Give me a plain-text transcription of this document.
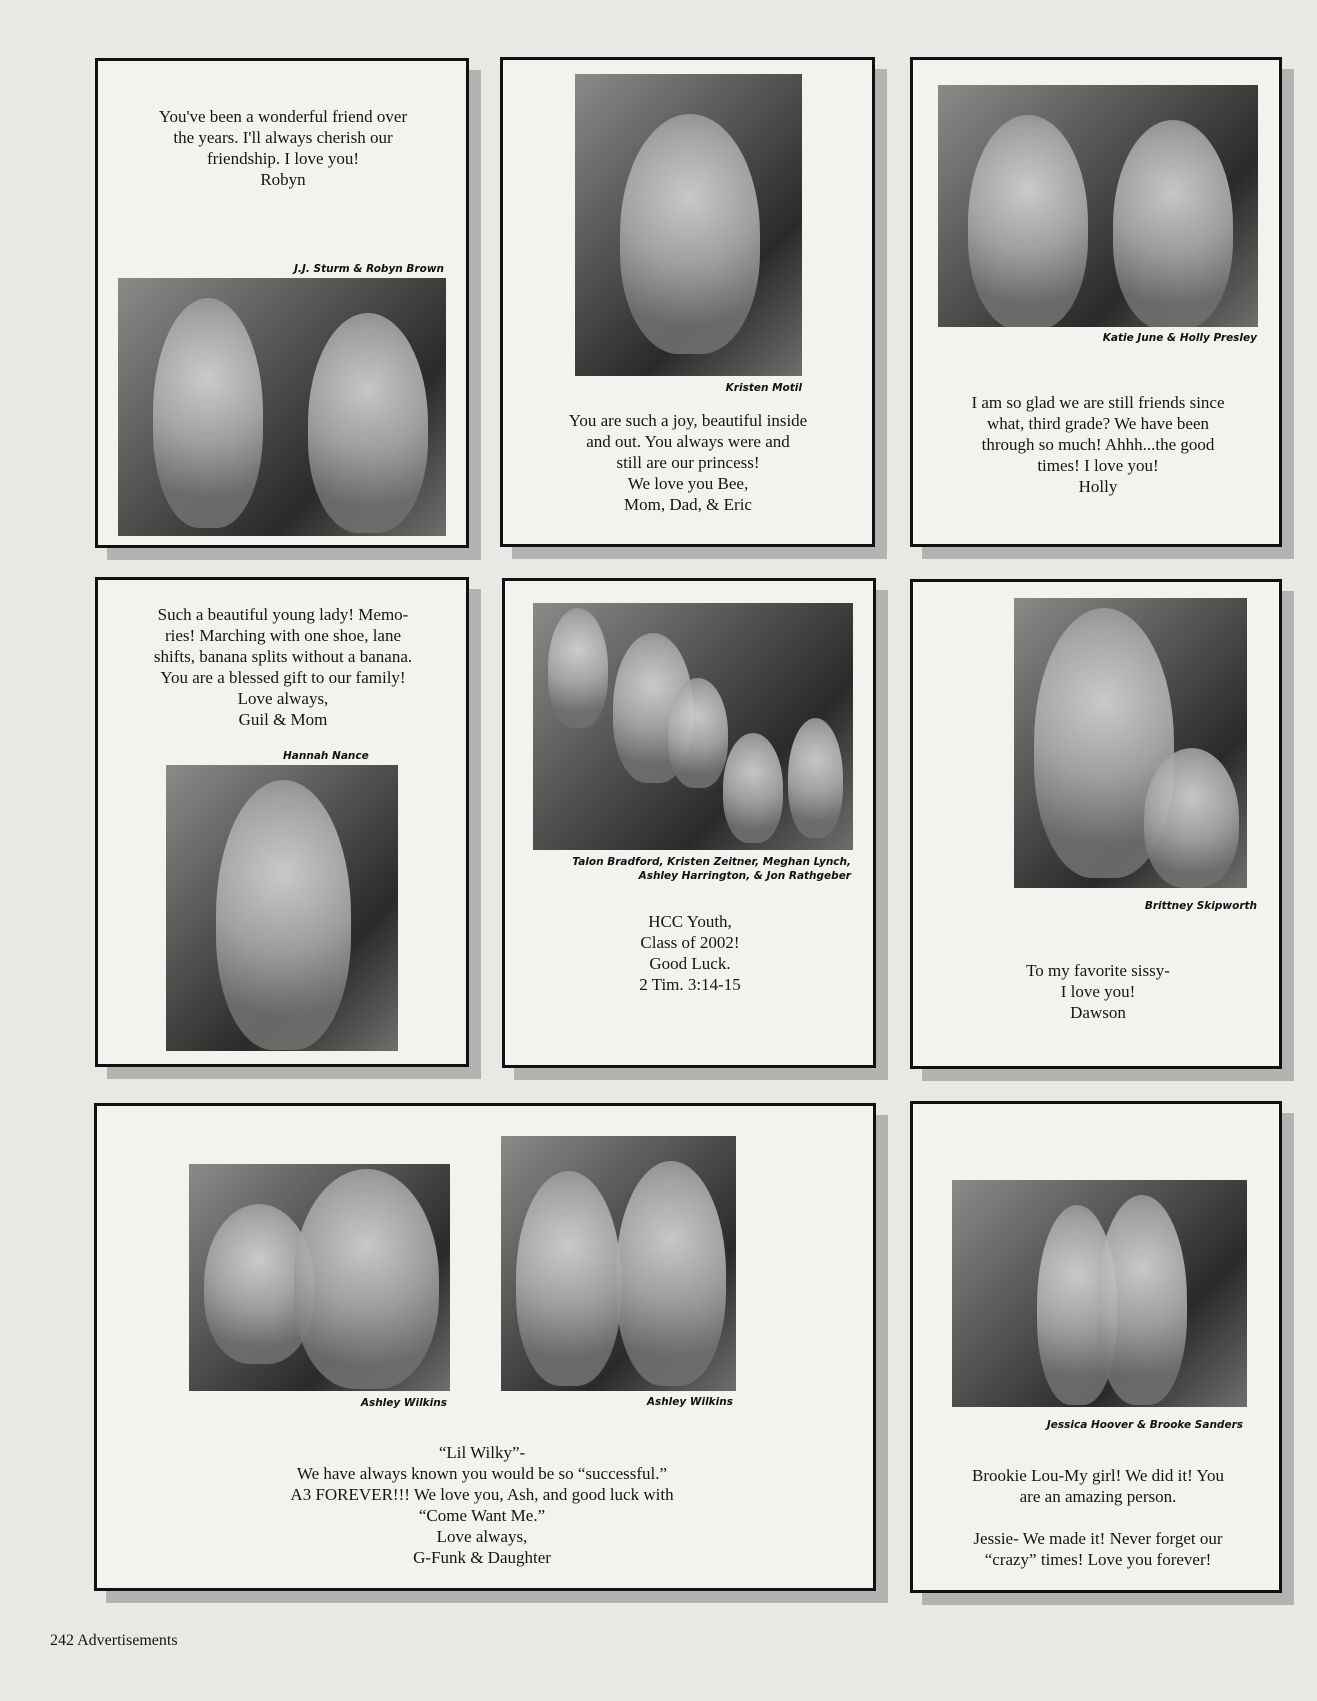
You've been a wonderful friend over
the years. I'll always cherish our
friendship. I love you!
Robyn
J.J. Sturm & Robyn Brown
Kristen Motil
You are such a joy, beautiful inside
and out. You always were and
still are our princess!
We love you Bee,
Mom, Dad, & Eric
Katie June & Holly Presley
I am so glad we are still friends since
what, third grade? We have been
through so much! Ahhh...the good
times! I love you!
Holly
Such a beautiful young lady! Memo-
ries! Marching with one shoe, lane
shifts, banana splits without a banana.
You are a blessed gift to our family!
Love always,
Guil & Mom
Hannah Nance
Talon Bradford, Kristen Zeitner, Meghan Lynch,
Ashley Harrington, & Jon Rathgeber
HCC Youth,
Class of 2002!
Good Luck.
2 Tim. 3:14-15
Brittney Skipworth
To my favorite sissy-
I love you!
Dawson
Ashley Wilkins	Ashley Wilkins
“Lil Wilky”-
We have always known you would be so “successful.”
A3 FOREVER!!! We love you, Ash, and good luck with
“Come Want Me.”
Love always,
G-Funk & Daughter
Jessica Hoover & Brooke Sanders
Brookie Lou-My girl! We did it! You
are an amazing person.
Jessie- We made it! Never forget our
“crazy” times! Love you forever!
242 Advertisements
